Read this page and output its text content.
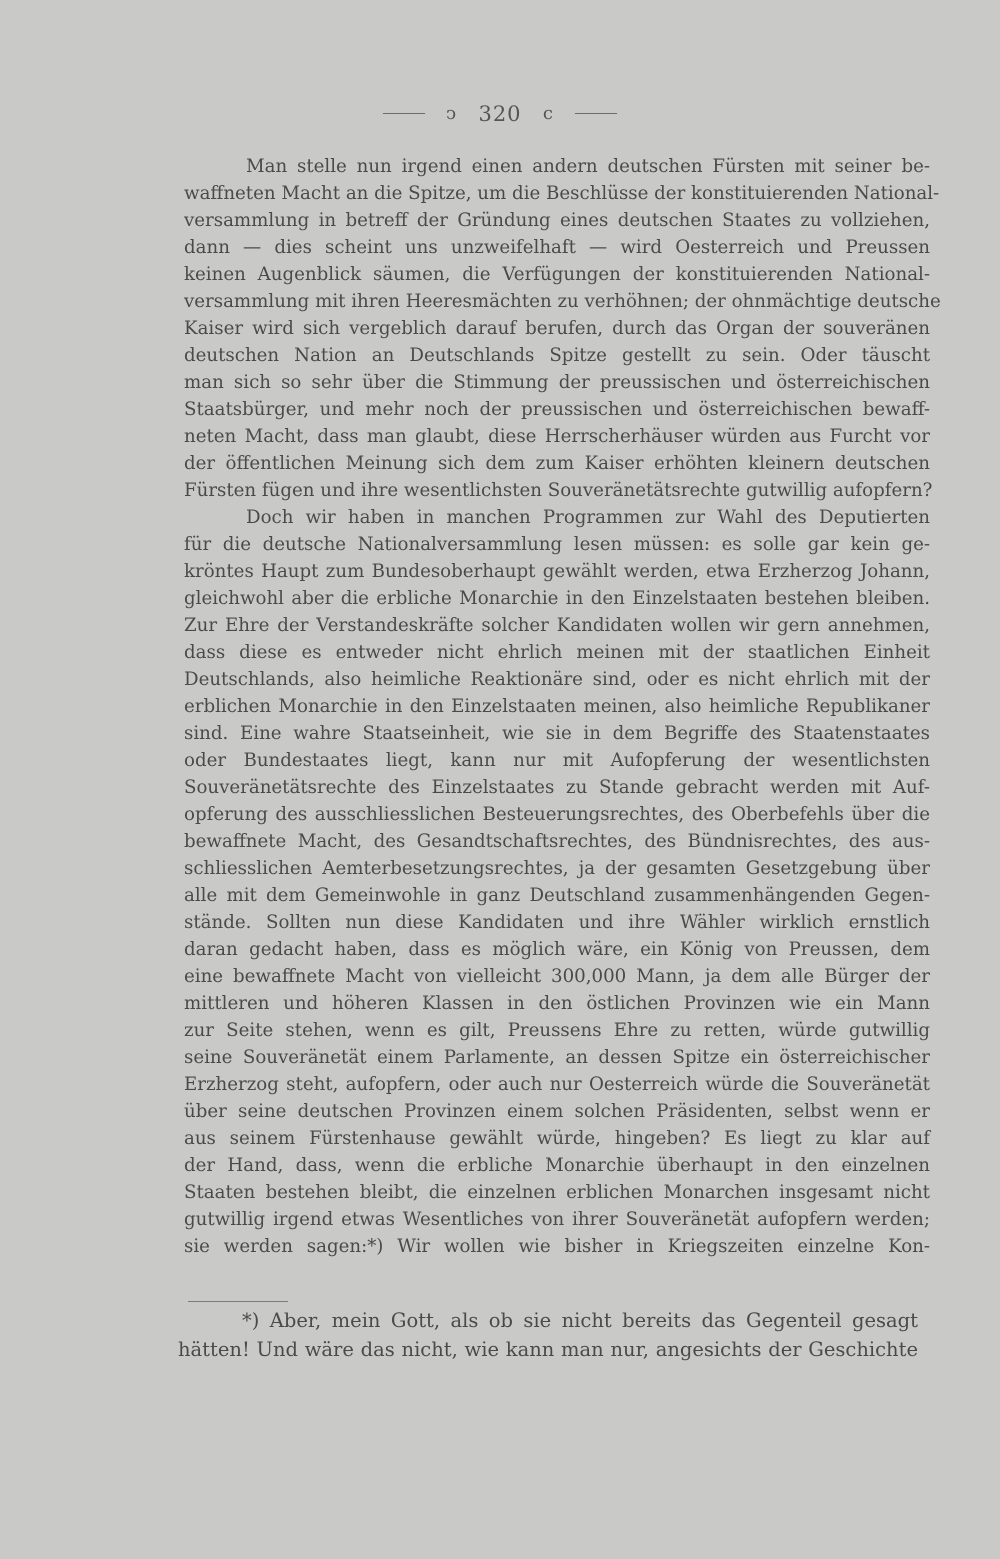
ↄ 320 c
Man stelle nun irgend einen andern deutschen Fürsten mit seiner be-
waffneten Macht an die Spitze, um die Beschlüsse der konstituierenden National-
versammlung in betreff der Gründung eines deutschen Staates zu vollziehen,
dann — dies scheint uns unzweifelhaft — wird Oesterreich und Preussen
keinen Augenblick säumen, die Verfügungen der konstituierenden National-
versammlung mit ihren Heeresmächten zu verhöhnen; der ohnmächtige deutsche
Kaiser wird sich vergeblich darauf berufen, durch das Organ der souveränen
deutschen Nation an Deutschlands Spitze gestellt zu sein. Oder täuscht
man sich so sehr über die Stimmung der preussischen und österreichischen
Staatsbürger, und mehr noch der preussischen und österreichischen bewaff-
neten Macht, dass man glaubt, diese Herrscherhäuser würden aus Furcht vor
der öffentlichen Meinung sich dem zum Kaiser erhöhten kleinern deutschen
Fürsten fügen und ihre wesentlichsten Souveränetätsrechte gutwillig aufopfern?
Doch wir haben in manchen Programmen zur Wahl des Deputierten
für die deutsche Nationalversammlung lesen müssen: es solle gar kein ge-
kröntes Haupt zum Bundesoberhaupt gewählt werden, etwa Erzherzog Johann,
gleichwohl aber die erbliche Monarchie in den Einzelstaaten bestehen bleiben.
Zur Ehre der Verstandeskräfte solcher Kandidaten wollen wir gern annehmen,
dass diese es entweder nicht ehrlich meinen mit der staatlichen Einheit
Deutschlands, also heimliche Reaktionäre sind, oder es nicht ehrlich mit der
erblichen Monarchie in den Einzelstaaten meinen, also heimliche Republikaner
sind. Eine wahre Staatseinheit, wie sie in dem Begriffe des Staatenstaates
oder Bundestaates liegt, kann nur mit Aufopferung der wesentlichsten
Souveränetätsrechte des Einzelstaates zu Stande gebracht werden mit Auf-
opferung des ausschliesslichen Besteuerungsrechtes, des Oberbefehls über die
bewaffnete Macht, des Gesandtschaftsrechtes, des Bündnisrechtes, des aus-
schliesslichen Aemterbesetzungsrechtes, ja der gesamten Gesetzgebung über
alle mit dem Gemeinwohle in ganz Deutschland zusammenhängenden Gegen-
stände. Sollten nun diese Kandidaten und ihre Wähler wirklich ernstlich
daran gedacht haben, dass es möglich wäre, ein König von Preussen, dem
eine bewaffnete Macht von vielleicht 300,000 Mann, ja dem alle Bürger der
mittleren und höheren Klassen in den östlichen Provinzen wie ein Mann
zur Seite stehen, wenn es gilt, Preussens Ehre zu retten, würde gutwillig
seine Souveränetät einem Parlamente, an dessen Spitze ein österreichischer
Erzherzog steht, aufopfern, oder auch nur Oesterreich würde die Souveränetät
über seine deutschen Provinzen einem solchen Präsidenten, selbst wenn er
aus seinem Fürstenhause gewählt würde, hingeben? Es liegt zu klar auf
der Hand, dass, wenn die erbliche Monarchie überhaupt in den einzelnen
Staaten bestehen bleibt, die einzelnen erblichen Monarchen insgesamt nicht
gutwillig irgend etwas Wesentliches von ihrer Souveränetät aufopfern werden;
sie werden sagen:*) Wir wollen wie bisher in Kriegszeiten einzelne Kon-
*) Aber, mein Gott, als ob sie nicht bereits das Gegenteil gesagt
hätten! Und wäre das nicht, wie kann man nur, angesichts der Geschichte
